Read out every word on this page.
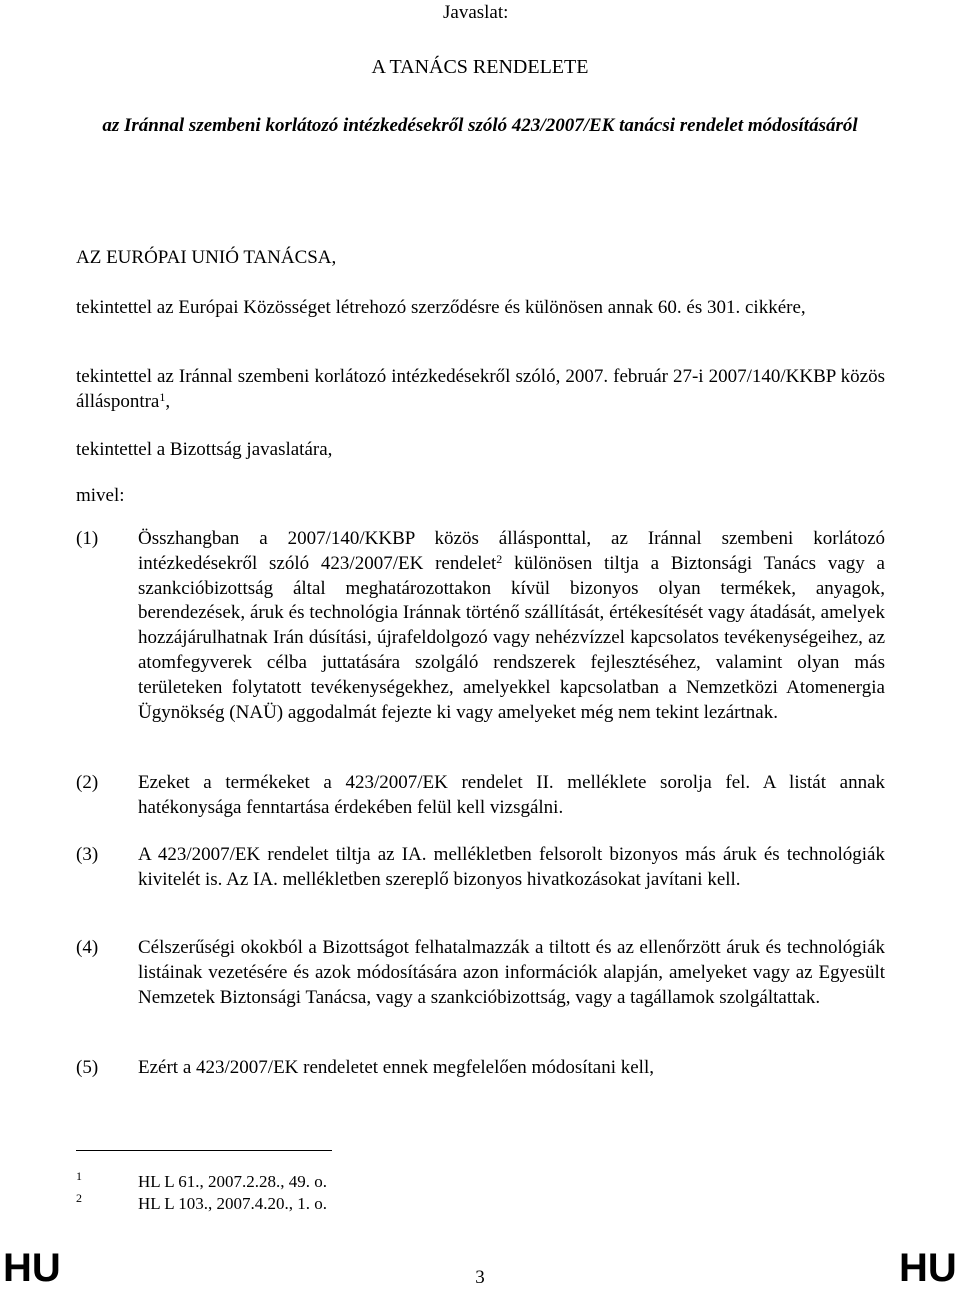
Javaslat:
A TANÁCS RENDELETE
az Iránnal szembeni korlátozó intézkedésekről szóló 423/2007/EK tanácsi rendelet módosításáról
AZ EURÓPAI UNIÓ TANÁCSA,
tekintettel az Európai Közösséget létrehozó szerződésre és különösen annak 60. és 301. cikkére,
tekintettel az Iránnal szembeni korlátozó intézkedésekről szóló, 2007. február 27-i 2007/140/KKBP közös álláspontra$^1$,
tekintettel a Bizottság javaslatára,
mivel:
(1) Összhangban a 2007/140/KKBP közös állásponttal, az Iránnal szembeni korlátozó intézkedésekről szóló 423/2007/EK rendelet$^2$ különösen tiltja a Biztonsági Tanács vagy a szankcióbizottság által meghatározottakon kívül bizonyos olyan termékek, anyagok, berendezések, áruk és technológia Iránnak történő szállítását, értékesítését vagy átadását, amelyek hozzájárulhatnak Irán dúsítási, újrafeldolgozó vagy nehézvízzel kapcsolatos tevékenységeihez, az atomfegyverek célba juttatására szolgáló rendszerek fejlesztéséhez, valamint olyan más területeken folytatott tevékenységekhez, amelyekkel kapcsolatban a Nemzetközi Atomenergia Ügynökség (NAÜ) aggodalmát fejezte ki vagy amelyeket még nem tekint lezártnak.
(2) Ezeket a termékeket a 423/2007/EK rendelet II. melléklete sorolja fel. A listát annak hatékonysága fenntartása érdekében felül kell vizsgálni.
(3) A 423/2007/EK rendelet tiltja az IA. mellékletben felsorolt bizonyos más áruk és technológiák kivitelét is. Az IA. mellékletben szereplő bizonyos hivatkozásokat javítani kell.
(4) Célszerűségi okokból a Bizottságot felhatalmazzák a tiltott és az ellenőrzött áruk és technológiák listáinak vezetésére és azok módosítására azon információk alapján, amelyeket vagy az Egyesült Nemzetek Biztonsági Tanácsa, vagy a szankcióbizottság, vagy a tagállamok szolgáltattak.
(5) Ezért a 423/2007/EK rendeletet ennek megfelelően módosítani kell,
1	HL L 61., 2007.2.28., 49. o.
2	HL L 103., 2007.4.20., 1. o.
HU	3	HU
